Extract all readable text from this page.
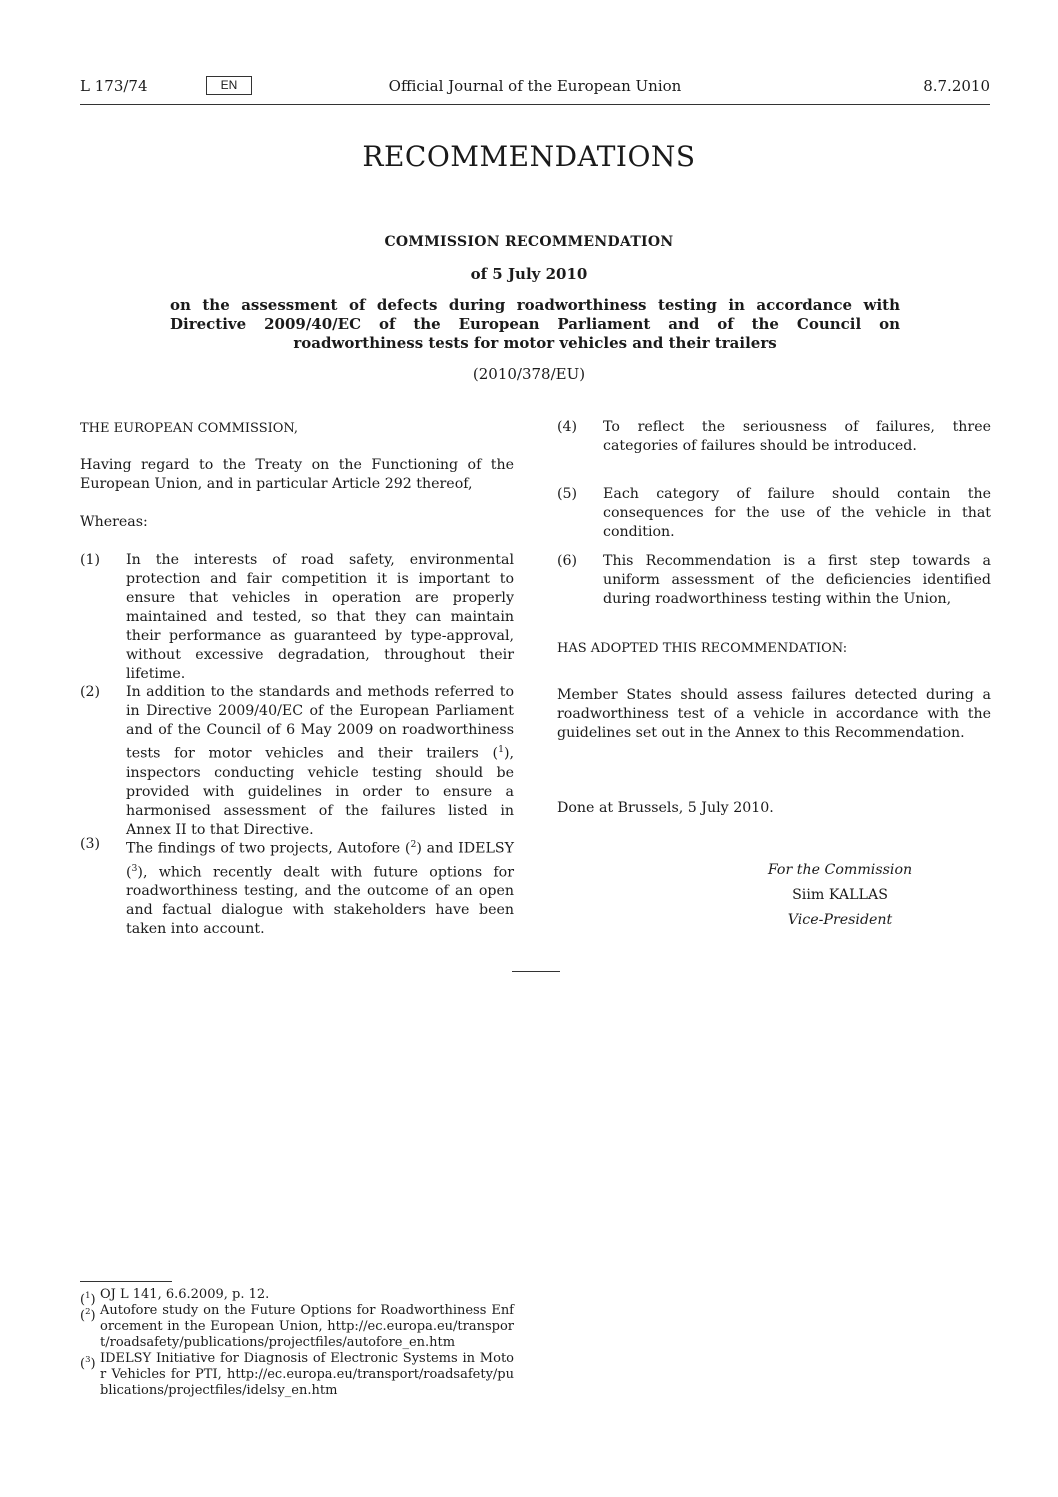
L 173/74	EN	Official Journal of the European Union	8.7.2010
RECOMMENDATIONS
COMMISSION RECOMMENDATION
of 5 July 2010
on the assessment of defects during roadworthiness testing in accordance with Directive 2009/40/EC of the European Parliament and of the Council on roadworthiness tests for motor vehicles and their trailers
(2010/378/EU)
THE EUROPEAN COMMISSION,
Having regard to the Treaty on the Functioning of the European Union, and in particular Article 292 thereof,
Whereas:
(1) In the interests of road safety, environmental protection and fair competition it is important to ensure that vehicles in operation are properly maintained and tested, so that they can maintain their performance as guaranteed by type-approval, without excessive degradation, throughout their lifetime.
(2) In addition to the standards and methods referred to in Directive 2009/40/EC of the European Parliament and of the Council of 6 May 2009 on roadworthiness tests for motor vehicles and their trailers ($^1$), inspectors conducting vehicle testing should be provided with guidelines in order to ensure a harmonised assessment of the failures listed in Annex II to that Directive.
(3) The findings of two projects, Autofore ($^2$) and IDELSY ($^3$), which recently dealt with future options for roadworthiness testing, and the outcome of an open and factual dialogue with stakeholders have been taken into account.
(4) To reflect the seriousness of failures, three categories of failures should be introduced.
(5) Each category of failure should contain the consequences for the use of the vehicle in that condition.
(6) This Recommendation is a first step towards a uniform assessment of the deficiencies identified during roadworthiness testing within the Union,
HAS ADOPTED THIS RECOMMENDATION:
Member States should assess failures detected during a roadworthiness test of a vehicle in accordance with the guidelines set out in the Annex to this Recommendation.
Done at Brussels, 5 July 2010.
For the Commission
Siim KALLAS
Vice-President
($^1$) OJ L 141, 6.6.2009, p. 12.
($^2$) Autofore study on the Future Options for Roadworthiness Enforcement in the European Union, http://ec.europa.eu/transport/roadsafety/publications/projectfiles/autofore_en.htm
($^3$) IDELSY Initiative for Diagnosis of Electronic Systems in Motor Vehicles for PTI, http://ec.europa.eu/transport/roadsafety/publications/projectfiles/idelsy_en.htm
